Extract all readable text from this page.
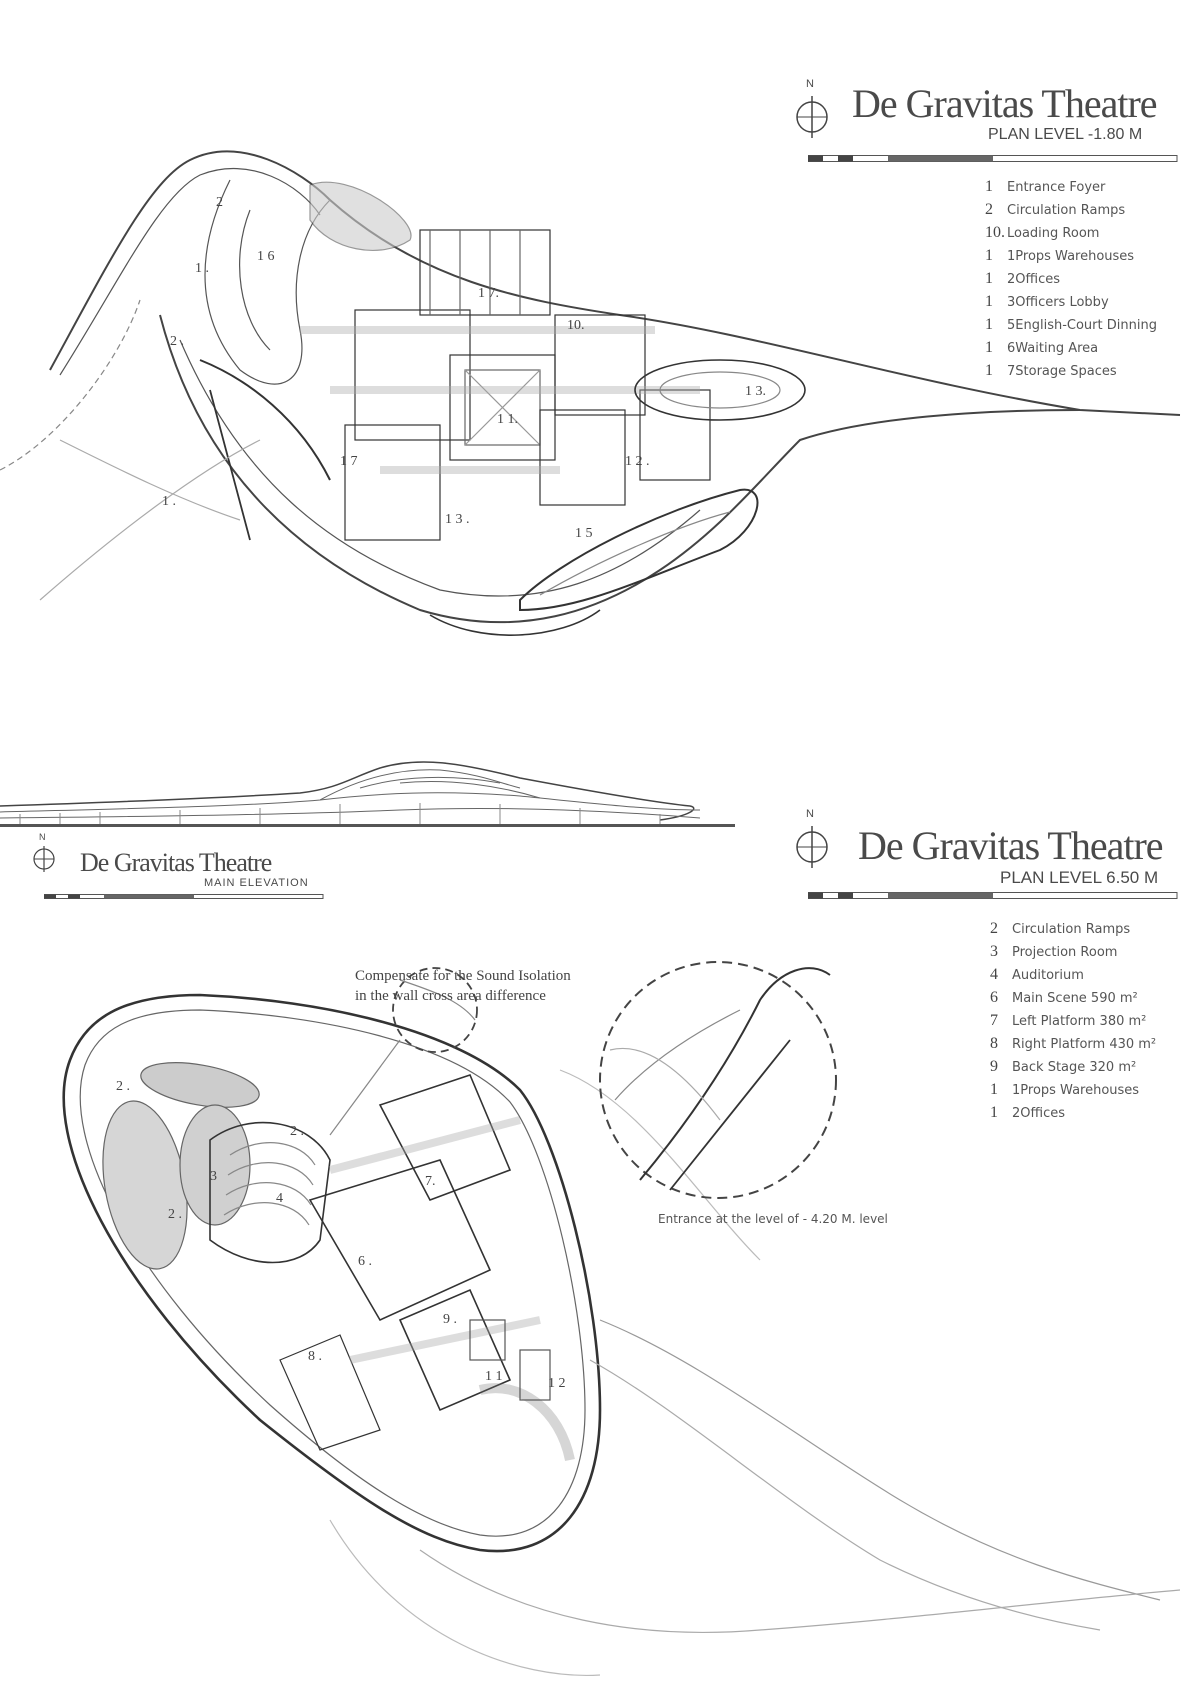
2
1 .
1 6
2 .
1 7.
10.
1 1.
1 3.
1 7	1 2 .
1 3 .
1 5
1 .
N De Gravitas Theatre
PLAN LEVEL -1.80 M
1	Entrance Foyer
2	Circulation Ramps
10. Loading Room
1	1Props Warehouses
1	2Offices
1	3Officers Lobby
1	5English-Court Dinning
1	6Waiting Area
1	7Storage Spaces
N
De Gravitas Theatre
MAIN ELEVATION
N
De Gravitas Theatre
PLAN LEVEL 6.50 M
2	Circulation Ramps
3	Projection Room
4	Auditorium
6	Main Scene 590 m²
7	Left Platform 380 m²
8	Right Platform 430 m²
9	Back Stage 320 m²
1	1Props Warehouses
1	2Offices
2 .
2 .
2 .
3
4
7.
6 .
9 .
8 .
1 1	1 2
Compensate for the Sound Isolation
in the wall cross area difference
Entrance at the level of - 4.20 M. level
